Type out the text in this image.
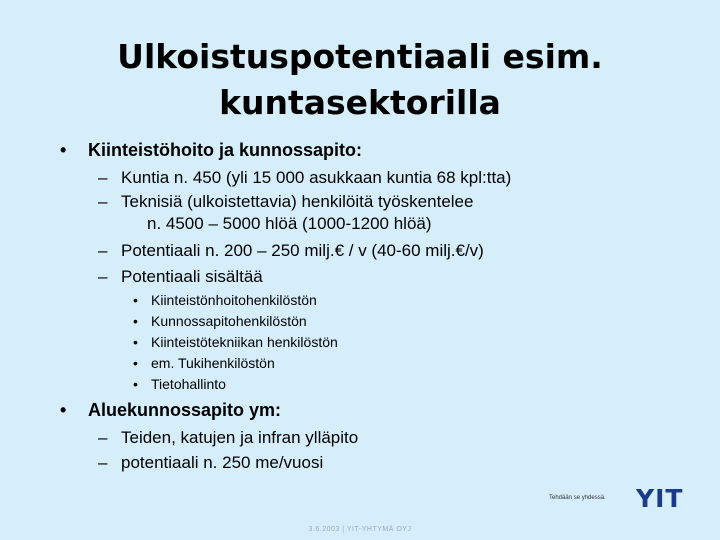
Ulkoistuspotentiaali esim.
kuntasektorilla
• Kiinteistöhoito ja kunnossapito:
– Kuntia n. 450 (yli 15 000 asukkaan kuntia 68 kpl:tta)
– Teknisiä (ulkoistettavia) henkilöitä työskentelee
n. 4500 – 5000 hlöä (1000-1200 hlöä)
– Potentiaali n. 200 – 250 milj.€ / v (40-60 milj.€/v)
– Potentiaali sisältää
• Kiinteistönhoitohenkilöstön
• Kunnossapitohenkilöstön
• Kiinteistötekniikan henkilöstön
• em. Tukihenkilöstön
• Tietohallinto
• Aluekunnossapito ym:
– Teiden, katujen ja infran ylläpito
– potentiaali n. 250 me/vuosi
Tehdään se yhdessä. YIT
3.6.2003 | YIT-YHTYMÄ OYJ
